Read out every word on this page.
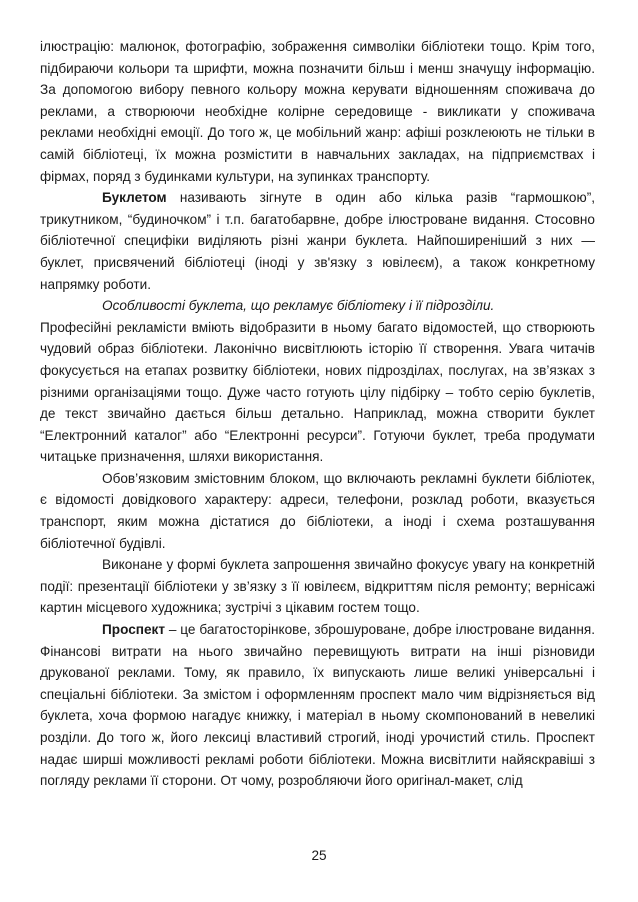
ілюстрацію: малюнок, фотографію, зображення символіки бібліотеки тощо. Крім того, підбираючи кольори та шрифти, можна позначити більш і менш значущу інформацію. За допомогою вибору певного кольору можна керувати відношенням споживача до реклами, а створюючи необхідне колірне середовище - викликати у споживача реклами необхідні емоції. До того ж, це мобільний жанр: афіші розклеюють не тільки в самій бібліотеці, їх можна розмістити в навчальних закладах, на підприємствах і фірмах, поряд з будинками культури, на зупинках транспорту.

Буклетом називають зігнуте в один або кілька разів “гармошкою”, трикутником, “будиночком” і т.п. багатобарвне, добре ілюстроване видання. Стосовно бібліотечної специфіки виділяють різні жанри буклета. Найпоширеніший з них — буклет, присвячений бібліотеці (іноді у зв'язку з ювілеєм), а також конкретному напрямку роботи.

Особливості буклета, що рекламує бібліотеку і її підрозділи.

Професійні рекламісти вміють відобразити в ньому багато відомостей, що створюють чудовий образ бібліотеки. Лаконічно висвітлюють історію її створення. Увага читачів фокусується на етапах розвитку бібліотеки, нових підрозділах, послугах, на зв’язках з різними організаціями тощо. Дуже часто готують цілу підбірку – тобто серію буклетів, де текст звичайно дається більш детально. Наприклад, можна створити буклет “Електронний каталог” або “Електронні ресурси”. Готуючи буклет, треба продумати читацьке призначення, шляхи використання.

Обов’язковим змістовним блоком, що включають рекламні буклети бібліотек, є відомості довідкового характеру: адреси, телефони, розклад роботи, вказується транспорт, яким можна дістатися до бібліотеки, а іноді і схема розташування бібліотечної будівлі.

Виконане у формі буклета запрошення звичайно фокусує увагу на конкретній події: презентації бібліотеки у зв’язку з її ювілеєм, відкриттям після ремонту; вернісажі картин місцевого художника; зустрічі з цікавим гостем тощо.

Проспект – це багатосторінкове, зброшуроване, добре ілюстроване видання. Фінансові витрати на нього звичайно перевищують витрати на інші різновиди друкованої реклами. Тому, як правило, їх випускають лише великі універсальні і спеціальні бібліотеки. За змістом і оформленням проспект мало чим відрізняється від буклета, хоча формою нагадує книжку, і матеріал в ньому скомпонований в невеликі розділи. До того ж, його лексиці властивий строгий, іноді урочистий стиль. Проспект надає ширші можливості рекламі роботи бібліотеки. Можна висвітлити найяскравіші з погляду реклами її сторони. От чому, розробляючи його оригінал-макет, слід

25
